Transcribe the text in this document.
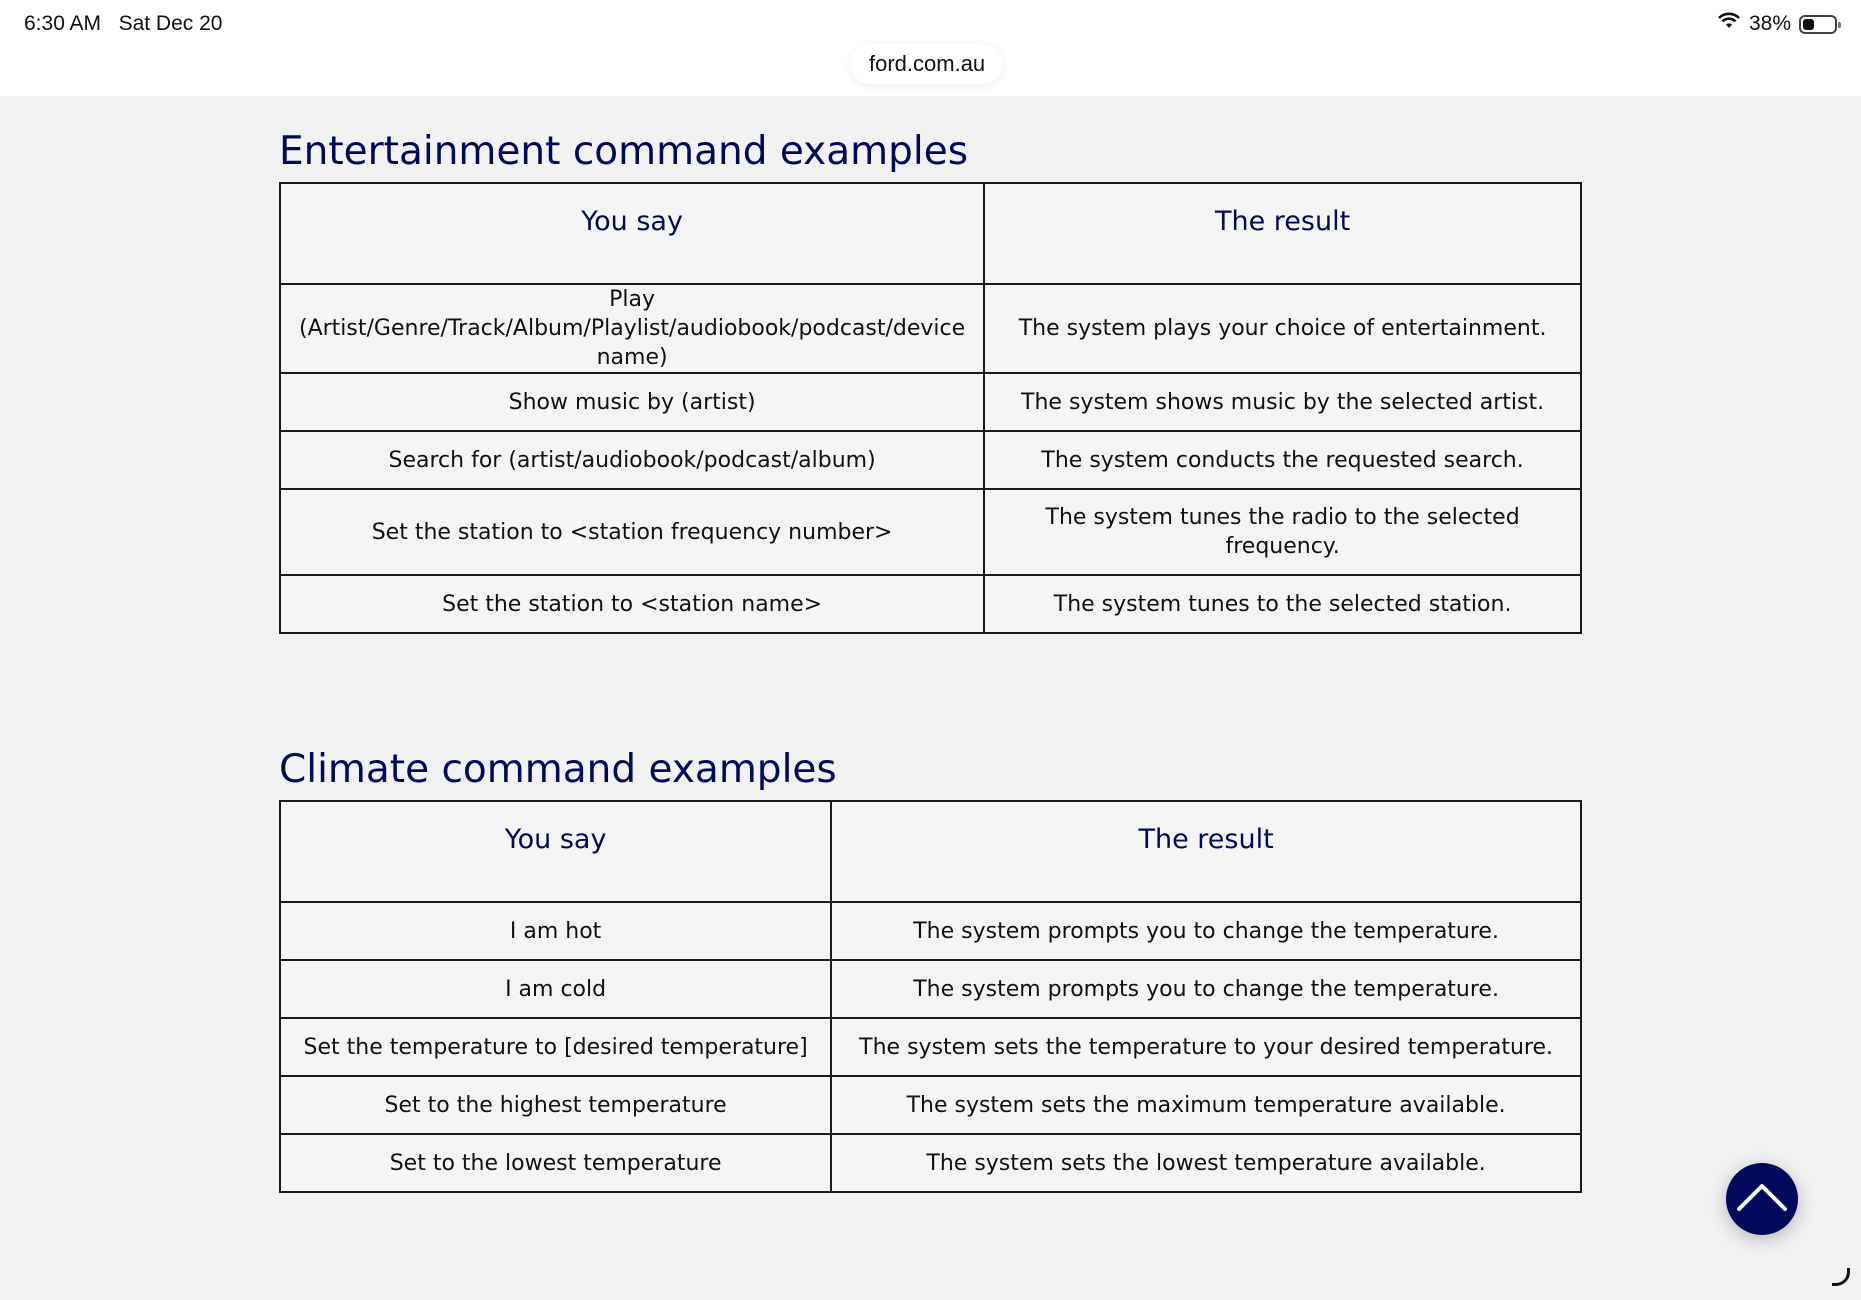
6:30 AM Sat Dec 20	38%
ford.com.au
Entertainment command examples
You say	The result
Play (Artist/Genre/Track/Album/Playlist/audiobook/podcast/device name)	The system plays your choice of entertainment.
Show music by (artist)	The system shows music by the selected artist.
Search for (artist/audiobook/podcast/album)	The system conducts the requested search.
Set the station to <station frequency number>	The system tunes the radio to the selected frequency.
Set the station to <station name>	The system tunes to the selected station.
Climate command examples
You say	The result
I am hot	The system prompts you to change the temperature.
I am cold	The system prompts you to change the temperature.
Set the temperature to [desired temperature]	The system sets the temperature to your desired temperature.
Set to the highest temperature	The system sets the maximum temperature available.
Set to the lowest temperature	The system sets the lowest temperature available.
